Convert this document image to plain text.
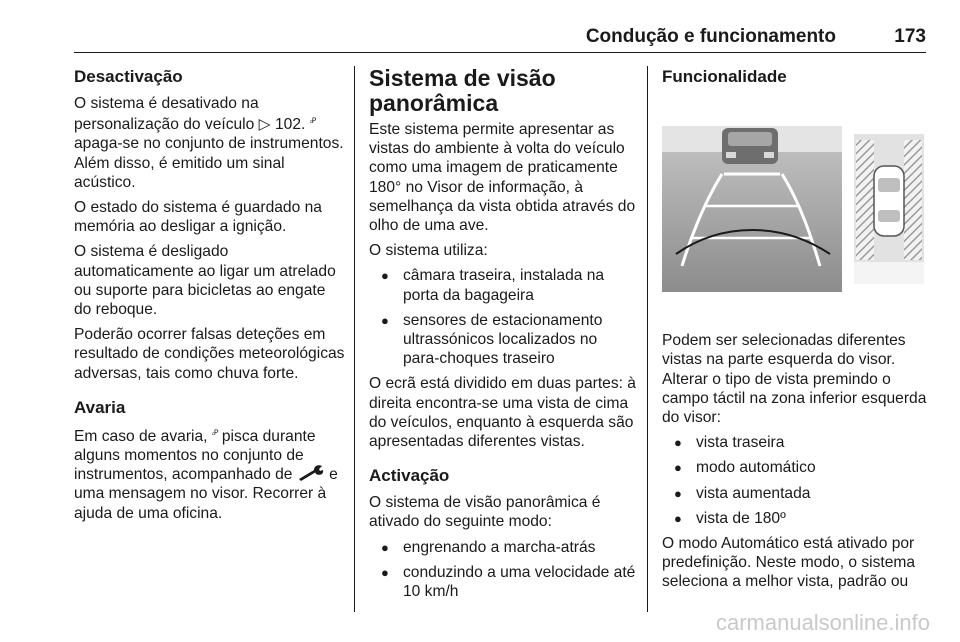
Condução e funcionamento	173
Desactivação

O sistema é desativado na personalização do veículo ▷ 102. $^{▫ᴾ}$ apaga-se no conjunto de instrumentos. Além disso, é emitido um sinal acústico.

O estado do sistema é guardado na memória ao desligar a ignição.

O sistema é desligado automaticamente ao ligar um atrelado ou suporte para bicicletas ao engate do reboque.

Poderão ocorrer falsas deteções em resultado de condições meteorológicas adversas, tais como chuva forte.

Avaria

Em caso de avaria, $^{▫ᴾ}$ pisca durante alguns momentos no conjunto de instrumentos, acompanhado de  e uma mensagem no visor. Recorrer à ajuda de uma oficina.

Sistema de visão panorâmica

Este sistema permite apresentar as vistas do ambiente à volta do veículo como uma imagem de praticamente 180° no Visor de informação, à semelhança da vista obtida através do olho de uma ave.

O sistema utiliza:

● câmara traseira, instalada na porta da bagageira
● sensores de estacionamento ultrassónicos localizados no para-choques traseiro

O ecrã está dividido em duas partes: à direita encontra-se uma vista de cima do veículos, enquanto à esquerda são apresentadas diferentes vistas.

Activação

O sistema de visão panorâmica é ativado do seguinte modo:

● engrenando a marcha-atrás
● conduzindo a uma velocidade até 10 km/h
Funcionalidade

Podem ser selecionadas diferentes vistas na parte esquerda do visor. Alterar o tipo de vista premindo o campo táctil na zona inferior esquerda do visor:

● vista traseira
● modo automático
● vista aumentada
● vista de 180º

O modo Automático está ativado por predefinição. Neste modo, o sistema seleciona a melhor vista, padrão ou

carmanualsonline.info
